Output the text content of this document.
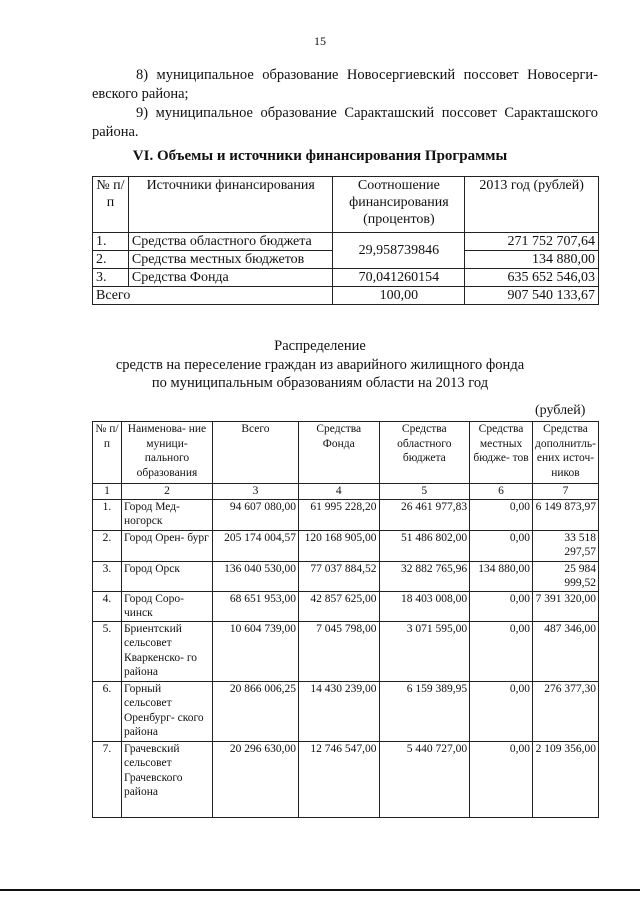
15
8) муниципальное образование Новосергиевский поссовет Новосерги- евского района;
9) муниципальное образование Саракташский поссовет Саракташского района.
VI. Объемы и источники финансирования Программы
№ п/п	Источники финансирования	Соотношение финансирования (процентов)	2013 год (рублей)
1.	Средства областного бюджета	29,958739846	271 752 707,64
2.	Средства местных бюджетов		134 880,00
3.	Средства Фонда	70,041260154	635 652 546,03
Всего		100,00	907 540 133,67
Распределение
средств на переселение граждан из аварийного жилищного фонда
по муниципальным образованиям области на 2013 год
(рублей)
№ п/п	Наименова- ние муници- пального образования	Всего	Средства Фонда	Средства областного бюджета	Средства местных бюдже- тов	Средства дополнитль- ених источ- ников
1	2	3	4	5	6	7
1.	Город Мед- ногорск	94 607 080,00	61 995 228,20	26 461 977,83	0,00	6 149 873,97
2.	Город Орен- бург	205 174 004,57	120 168 905,00	51 486 802,00	0,00	33 518 297,57
3.	Город Орск	136 040 530,00	77 037 884,52	32 882 765,96	134 880,00	25 984 999,52
4.	Город Соро- чинск	68 651 953,00	42 857 625,00	18 403 008,00	0,00	7 391 320,00
5.	Бриентский сельсовет Кваркенско- го района	10 604 739,00	7 045 798,00	3 071 595,00	0,00	487 346,00
6.	Горный сельсовет Оренбург- ского района	20 866 006,25	14 430 239,00	6 159 389,95	0,00	276 377,30
7.	Грачевский сельсовет Грачевского района	20 296 630,00	12 746 547,00	5 440 727,00	0,00	2 109 356,00
